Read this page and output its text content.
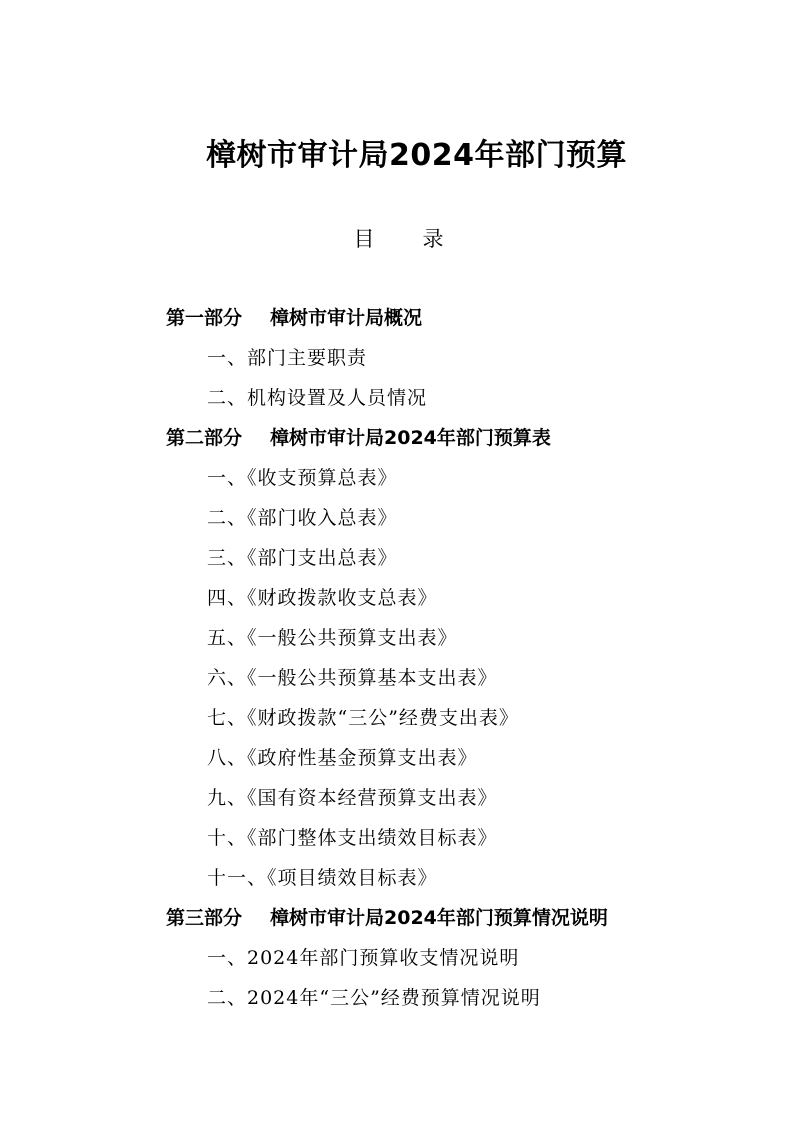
樟树市审计局2024年部门预算
目 录
第一部分 樟树市审计局概况
一、部门主要职责
二、机构设置及人员情况
第二部分 樟树市审计局2024年部门预算表
一、《收支预算总表》
二、《部门收入总表》
三、《部门支出总表》
四、《财政拨款收支总表》
五、《一般公共预算支出表》
六、《一般公共预算基本支出表》
七、《财政拨款“三公”经费支出表》
八、《政府性基金预算支出表》
九、《国有资本经营预算支出表》
十、《部门整体支出绩效目标表》
十一、《项目绩效目标表》
第三部分 樟树市审计局2024年部门预算情况说明
一、2024年部门预算收支情况说明
二、2024年“三公”经费预算情况说明
